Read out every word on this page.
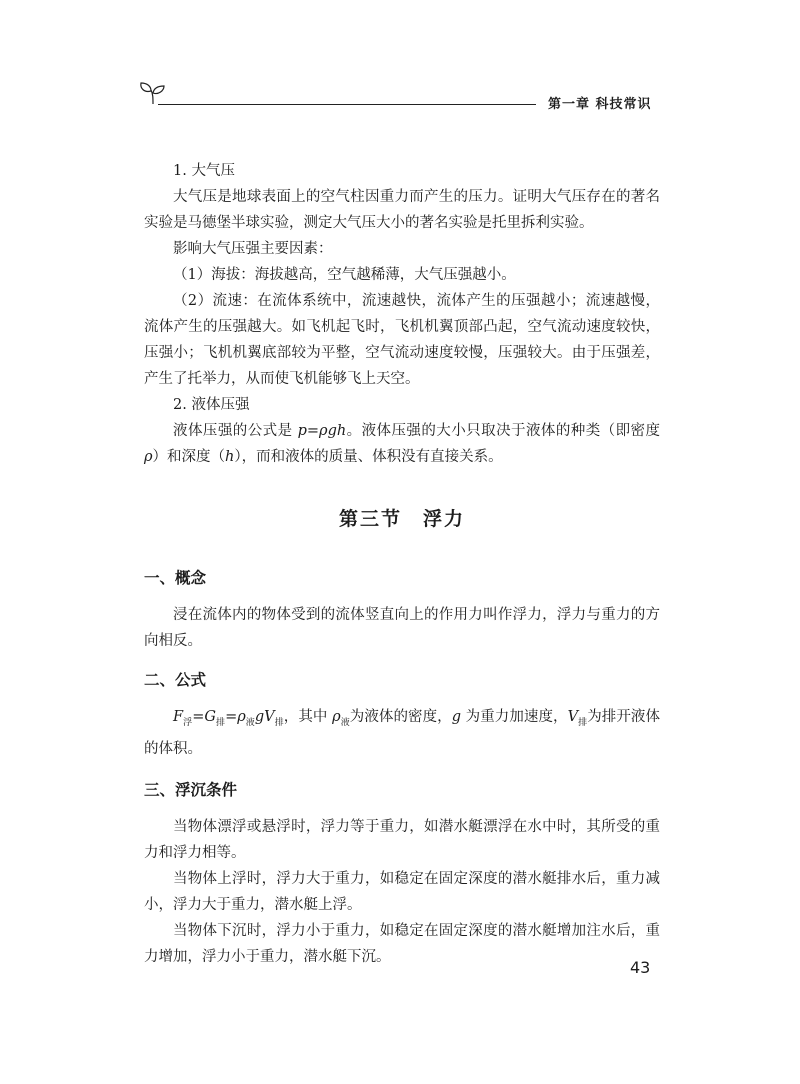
第一章 科技常识

1. 大气压

大气压是地球表面上的空气柱因重力而产生的压力。证明大气压存在的著名实验是马德堡半球实验，测定大气压大小的著名实验是托里拆利实验。

影响大气压强主要因素：

（1）海拔：海拔越高，空气越稀薄，大气压强越小。

（2）流速：在流体系统中，流速越快，流体产生的压强越小；流速越慢，流体产生的压强越大。如飞机起飞时，飞机机翼顶部凸起，空气流动速度较快，压强小；飞机机翼底部较为平整，空气流动速度较慢，压强较大。由于压强差，产生了托举力，从而使飞机能够飞上天空。

2. 液体压强

液体压强的公式是 p=ρgh。液体压强的大小只取决于液体的种类（即密度 ρ）和深度（h），而和液体的质量、体积没有直接关系。

第三节　浮力
一、概念

浸在流体内的物体受到的流体竖直向上的作用力叫作浮力，浮力与重力的方向相反。

二、公式

$F_浮=G_排=\rho_液gV_排$，其中 $\rho_液$为液体的密度，g 为重力加速度，$V_排$为排开液体的体积。

三、浮沉条件

当物体漂浮或悬浮时，浮力等于重力，如潜水艇漂浮在水中时，其所受的重力和浮力相等。

当物体上浮时，浮力大于重力，如稳定在固定深度的潜水艇排水后，重力减小，浮力大于重力，潜水艇上浮。

当物体下沉时，浮力小于重力，如稳定在固定深度的潜水艇增加注水后，重力增加，浮力小于重力，潜水艇下沉。

43
